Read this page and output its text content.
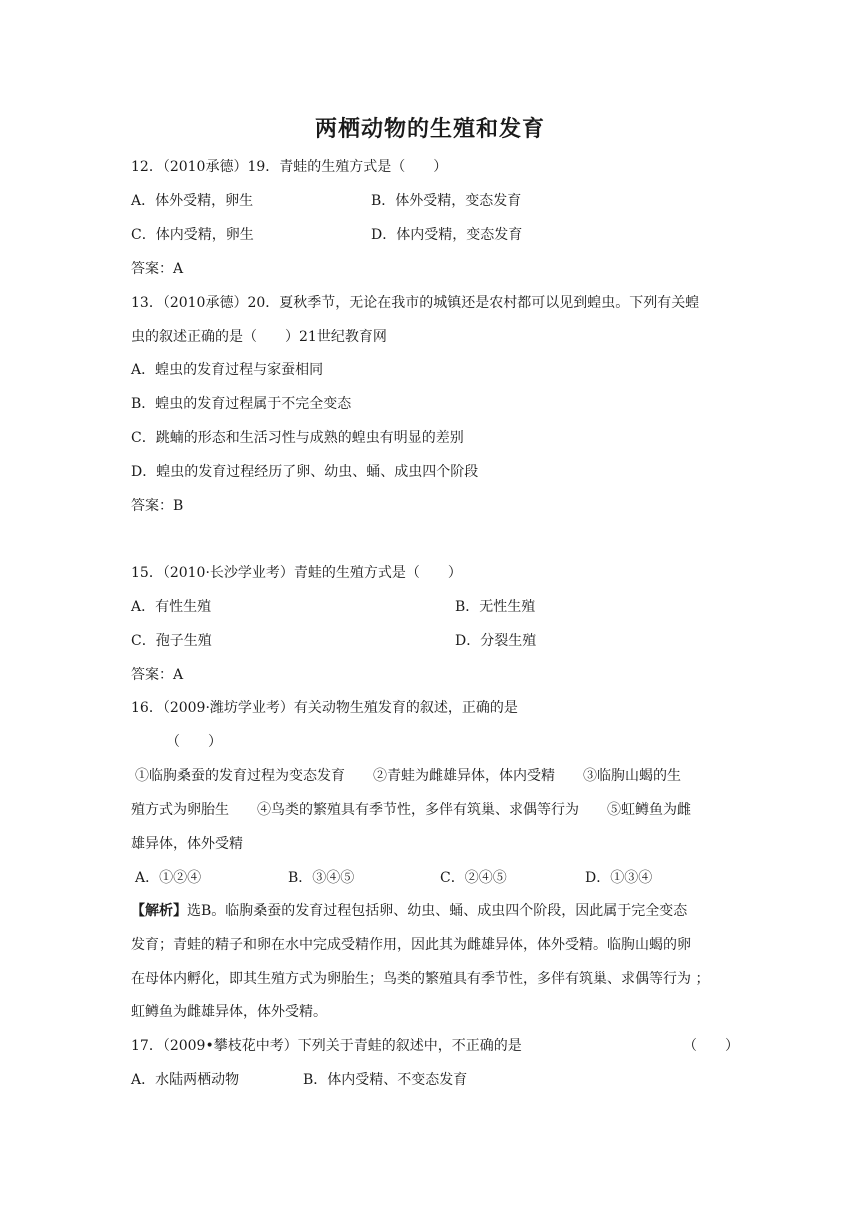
两栖动物的生殖和发育
12．（2010承德）19．青蛙的生殖方式是（　　）
A．体外受精，卵生	B．体外受精，变态发育
C．体内受精，卵生	D．体内受精，变态发育
答案：A
13．（2010承德）20．夏秋季节，无论在我市的城镇还是农村都可以见到蝗虫。下列有关蝗
虫的叙述正确的是（　　）21世纪教育网
A．蝗虫的发育过程与家蚕相同
B．蝗虫的发育过程属于不完全变态
C．跳蝻的形态和生活习性与成熟的蝗虫有明显的差别
D．蝗虫的发育过程经历了卵、幼虫、蛹、成虫四个阶段
答案：B
15．（2010·长沙学业考）青蛙的生殖方式是（　　）
A．有性生殖	B．无性生殖
C．孢子生殖	D．分裂生殖
答案：A
16．（2009·潍坊学业考）有关动物生殖发育的叙述，正确的是
（　　）
①临朐桑蚕的发育过程为变态发育　　②青蛙为雌雄异体，体内受精　　③临朐山蝎的生
殖方式为卵胎生　　④鸟类的繁殖具有季节性，多伴有筑巢、求偶等行为　　⑤虹鳟鱼为雌
雄异体，体外受精
A．①②④	B．③④⑤	C．②④⑤	D．①③④
【解析】选B。临朐桑蚕的发育过程包括卵、幼虫、蛹、成虫四个阶段，因此属于完全变态
发育；青蛙的精子和卵在水中完成受精作用，因此其为雌雄异体，体外受精。临朐山蝎的卵
在母体内孵化，即其生殖方式为卵胎生；鸟类的繁殖具有季节性，多伴有筑巢、求偶等行为 ；
虹鳟鱼为雌雄异体，体外受精。
17．（2009•攀枝花中考）下列关于青蛙的叙述中，不正确的是	（　　）
A．水陆两栖动物	B．体内受精、不变态发育
